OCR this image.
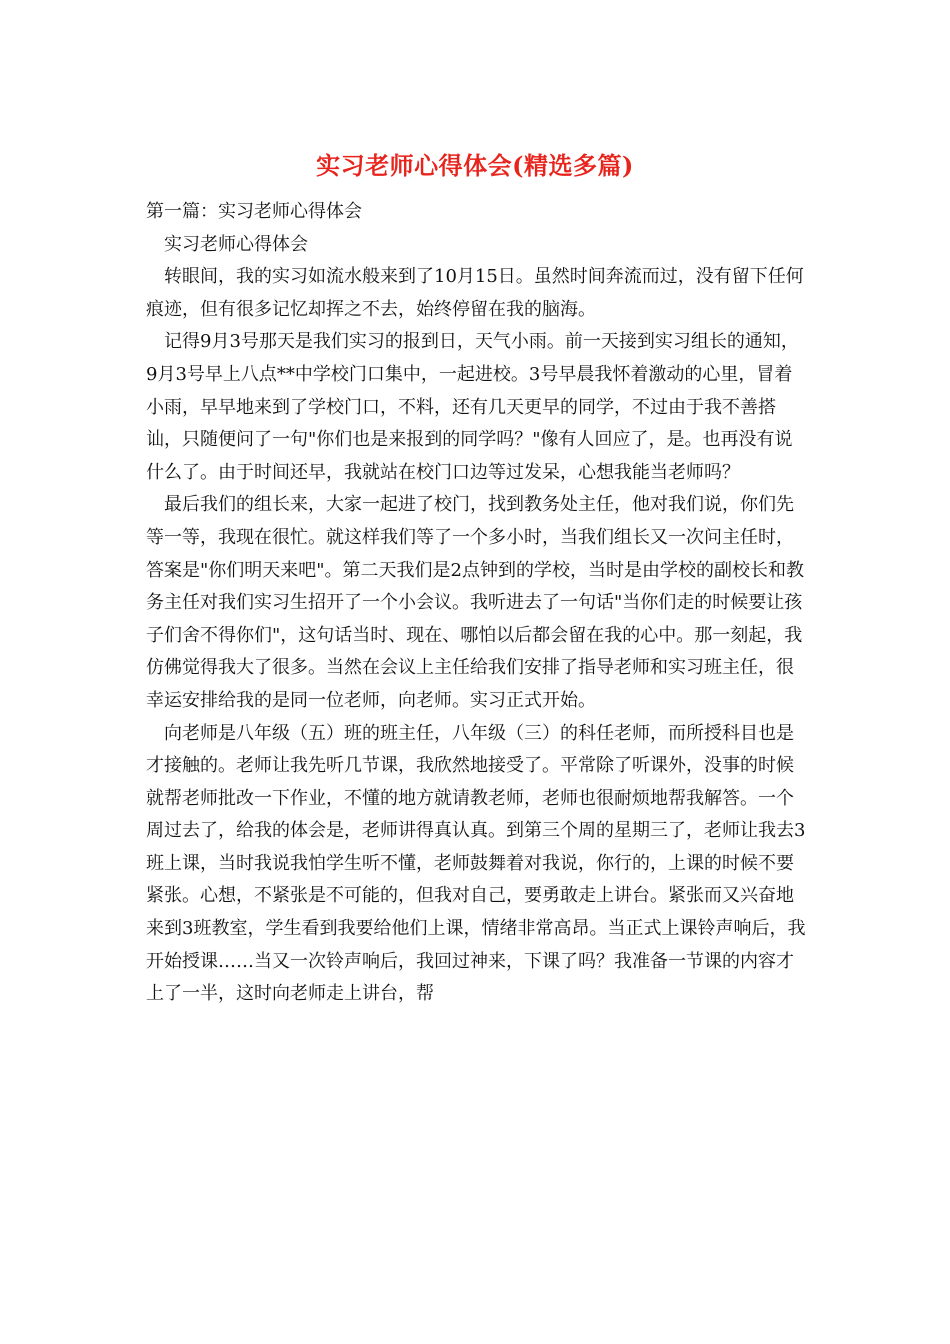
实习老师心得体会(精选多篇)

第一篇：实习老师心得体会

实习老师心得体会

转眼间，我的实习如流水般来到了10月15日。虽然时间奔流而过，没有留下任何痕迹，但有很多记忆却挥之不去，始终停留在我的脑海。

记得9月3号那天是我们实习的报到日，天气小雨。前一天接到实习组长的通知，9月3号早上八点**中学校门口集中，一起进校。3号早晨我怀着激动的心里，冒着小雨，早早地来到了学校门口，不料，还有几天更早的同学，不过由于我不善搭讪，只随便问了一句"你们也是来报到的同学吗？"像有人回应了，是。也再没有说什么了。由于时间还早，我就站在校门口边等过发呆，心想我能当老师吗？

最后我们的组长来，大家一起进了校门，找到教务处主任，他对我们说，你们先等一等，我现在很忙。就这样我们等了一个多小时，当我们组长又一次问主任时，答案是"你们明天来吧"。第二天我们是2点钟到的学校，当时是由学校的副校长和教务主任对我们实习生招开了一个小会议。我听进去了一句话"当你们走的时候要让孩子们舍不得你们"，这句话当时、现在、哪怕以后都会留在我的心中。那一刻起，我仿佛觉得我大了很多。当然在会议上主任给我们安排了指导老师和实习班主任，很幸运安排给我的是同一位老师，向老师。实习正式开始。

向老师是八年级（五）班的班主任，八年级（三）的科任老师，而所授科目也是才接触的。老师让我先听几节课，我欣然地接受了。平常除了听课外，没事的时候就帮老师批改一下作业，不懂的地方就请教老师，老师也很耐烦地帮我解答。一个周过去了，给我的体会是，老师讲得真认真。到第三个周的星期三了，老师让我去3班上课，当时我说我怕学生听不懂，老师鼓舞着对我说，你行的，上课的时候不要紧张。心想，不紧张是不可能的，但我对自己，要勇敢走上讲台。紧张而又兴奋地来到3班教室，学生看到我要给他们上课，情绪非常高昂。当正式上课铃声响后，我开始授课……当又一次铃声响后，我回过神来，下课了吗？我准备一节课的内容才上了一半，这时向老师走上讲台，帮
